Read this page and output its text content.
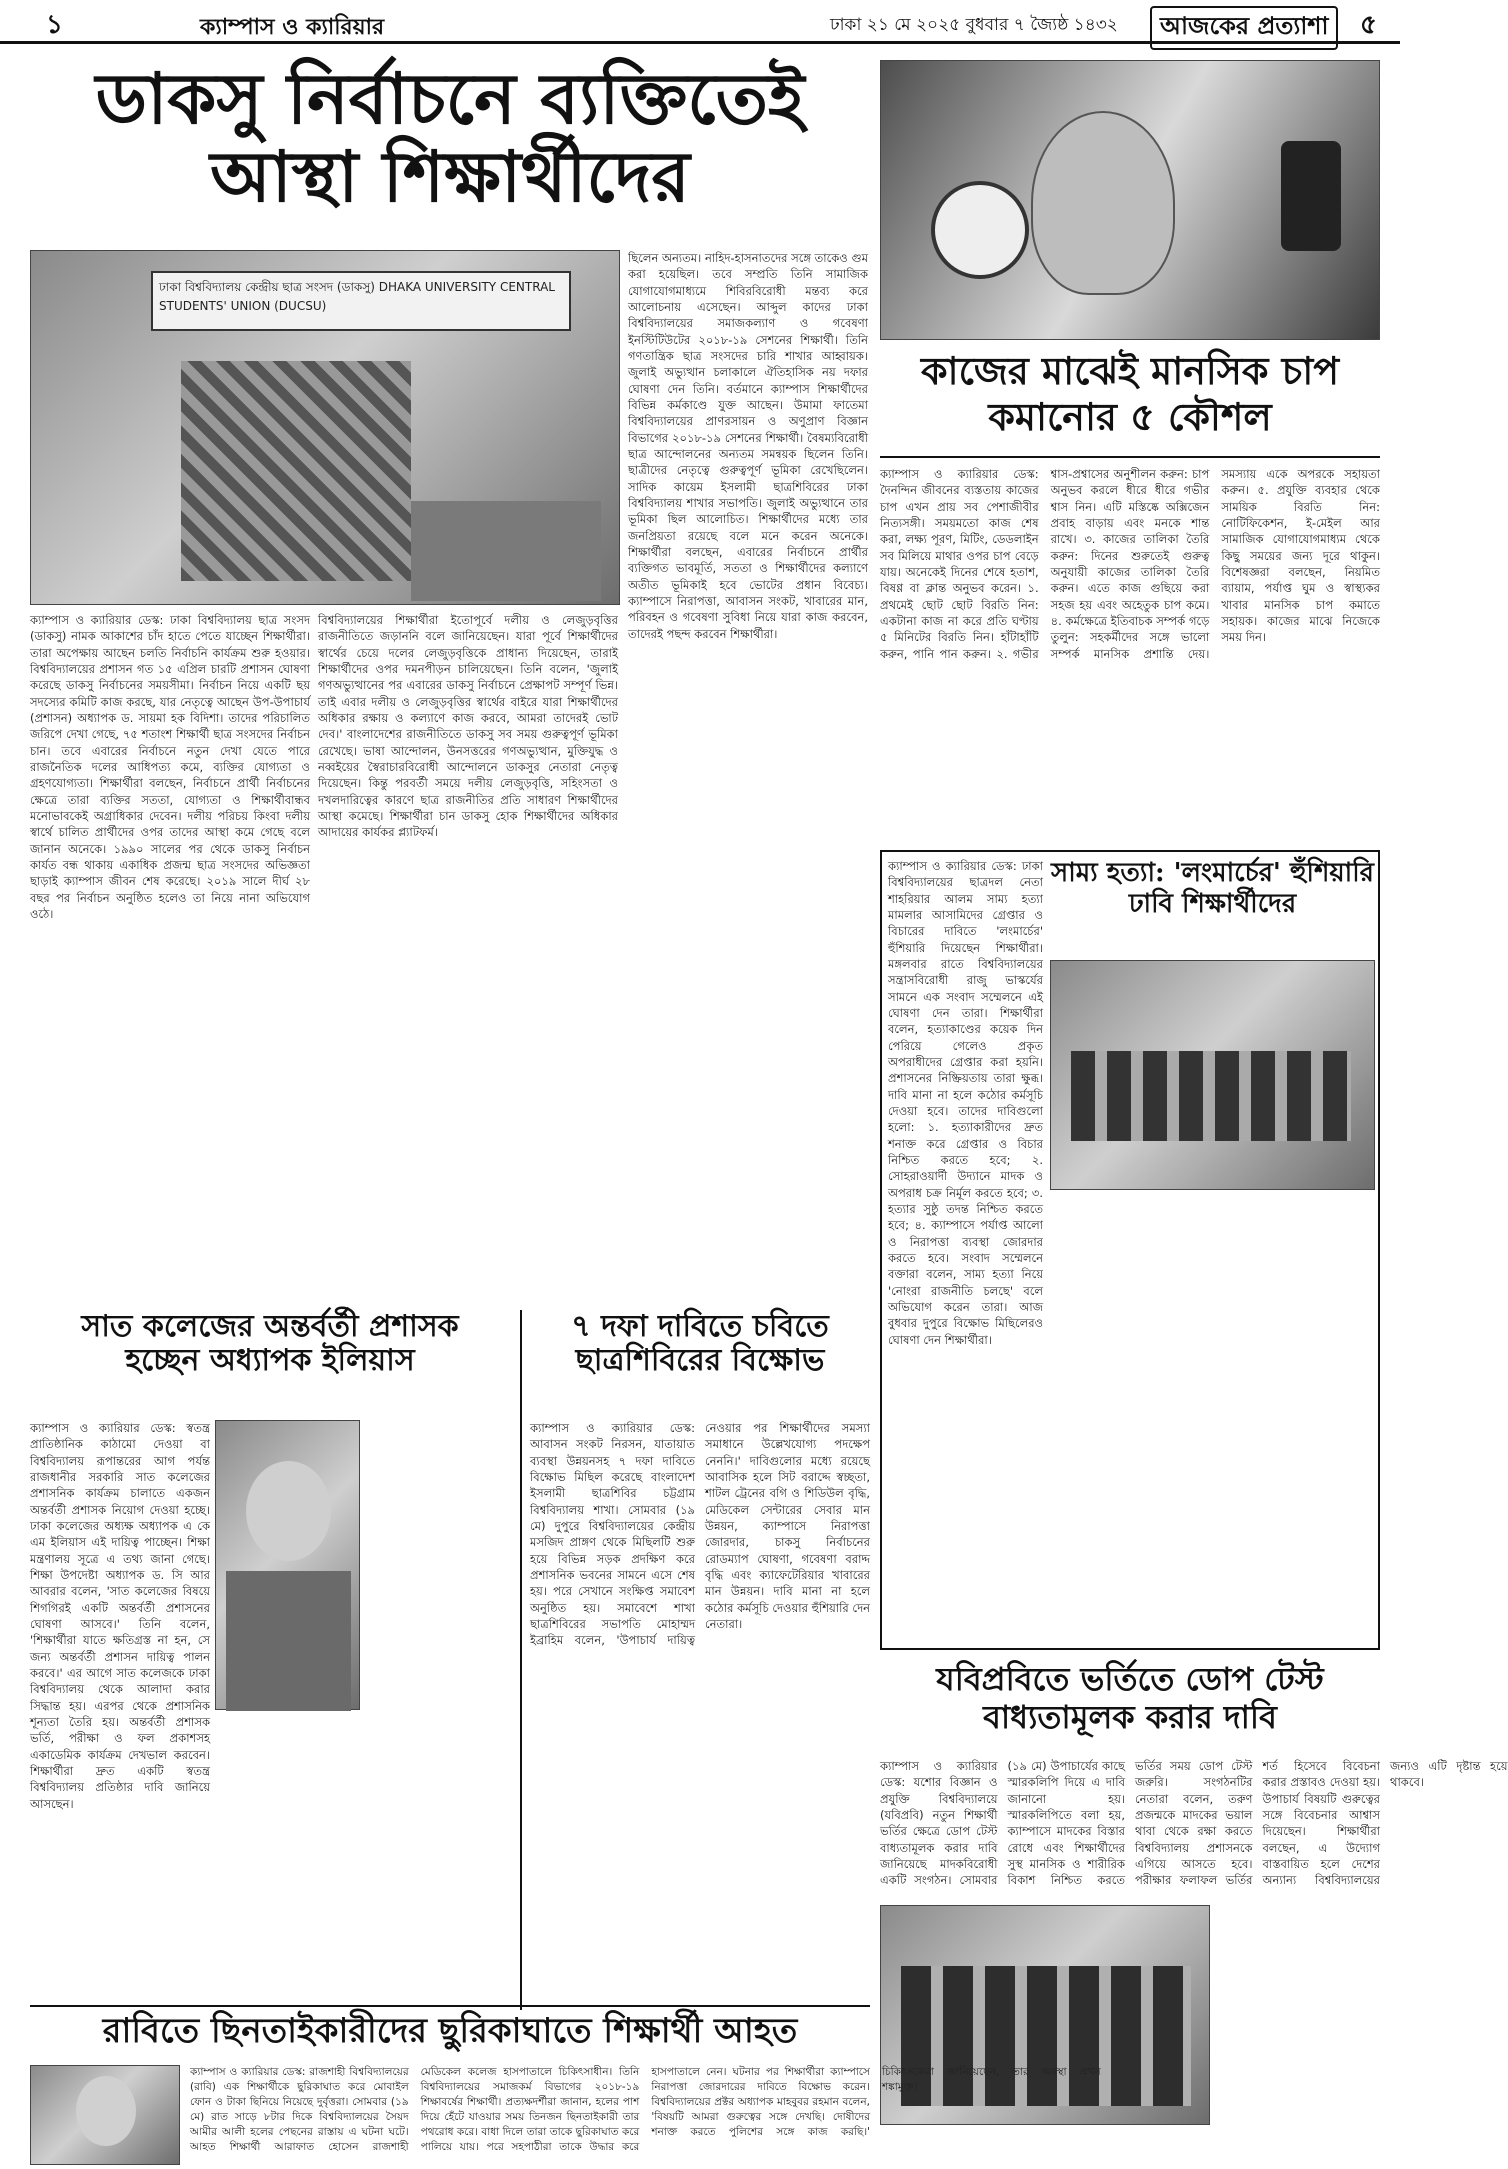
১	ক্যাম্পাস ও ক্যারিয়ার	ঢাকা ২১ মে ২০২৫ বুধবার ৭ জ্যৈষ্ঠ ১৪৩২	আজকের প্রত্যাশা	৫
ডাকসু নির্বাচনে ব্যক্তিতেই
আস্থা শিক্ষার্থীদের
ঢাকা বিশ্ববিদ্যালয় কেন্দ্রীয় ছাত্র সংসদ (ডাকসু) DHAKA UNIVERSITY CENTRAL STUDENTS' UNION (DUCSU)
ক্যাম্পাস ও ক্যারিয়ার ডেস্ক: ঢাকা বিশ্ববিদ্যালয় ছাত্র সংসদ (ডাকসু) নামক আকাশের চাঁদ হাতে পেতে যাচ্ছেন শিক্ষার্থীরা। তারা অপেক্ষায় আছেন চলতি নির্বাচনি কার্যক্রম শুরু হওয়ার। বিশ্ববিদ্যালয়ের প্রশাসন গত ১৫ এপ্রিল চারটি প্রশাসন ঘোষণা করেছে ডাকসু নির্বাচনের সময়সীমা। নির্বাচন নিয়ে একটি ছয় সদস্যের কমিটি কাজ করছে, যার নেতৃত্বে আছেন উপ-উপাচার্য (প্রশাসন) অধ্যাপক ড. সায়মা হক বিদিশা। তাদের পরিচালিত জরিপে দেখা গেছে, ৭৫ শতাংশ শিক্ষার্থী ছাত্র সংসদের নির্বাচন চান। তবে এবারের নির্বাচনে নতুন দেখা যেতে পারে রাজনৈতিক দলের আধিপত্য কমে, ব্যক্তির যোগ্যতা ও গ্রহণযোগ্যতা। শিক্ষার্থীরা বলছেন, নির্বাচনে প্রার্থী নির্বাচনের ক্ষেত্রে তারা ব্যক্তির সততা, যোগ্যতা ও শিক্ষার্থীবান্ধব মনোভাবকেই অগ্রাধিকার দেবেন। দলীয় পরিচয় কিংবা দলীয় স্বার্থে চালিত প্রার্থীদের ওপর তাদের আস্থা কমে গেছে বলে জানান অনেকে। ১৯৯০ সালের পর থেকে ডাকসু নির্বাচন কার্যত বন্ধ থাকায় একাধিক প্রজন্ম ছাত্র সংসদের অভিজ্ঞতা ছাড়াই ক্যাম্পাস জীবন শেষ করেছে। ২০১৯ সালে দীর্ঘ ২৮ বছর পর নির্বাচন অনুষ্ঠিত হলেও তা নিয়ে নানা অভিযোগ ওঠে।
বিশ্ববিদ্যালয়ের শিক্ষার্থীরা ইতোপূর্বে দলীয় ও লেজুড়বৃত্তির রাজনীতিতে জড়াননি বলে জানিয়েছেন। যারা পূর্বে শিক্ষার্থীদের স্বার্থের চেয়ে দলের লেজুড়বৃত্তিকে প্রাধান্য দিয়েছেন, তারাই শিক্ষার্থীদের ওপর দমনপীড়ন চালিয়েছেন। তিনি বলেন, 'জুলাই গণঅভ্যুত্থানের পর এবারের ডাকসু নির্বাচনে প্রেক্ষাপট সম্পূর্ণ ভিন্ন। তাই এবার দলীয় ও লেজুড়বৃত্তির স্বার্থের বাইরে যারা শিক্ষার্থীদের অধিকার রক্ষায় ও কল্যাণে কাজ করবে, আমরা তাদেরই ভোট দেব।' বাংলাদেশের রাজনীতিতে ডাকসু সব সময় গুরুত্বপূর্ণ ভূমিকা রেখেছে। ভাষা আন্দোলন, উনসত্তরের গণঅভ্যুত্থান, মুক্তিযুদ্ধ ও নব্বইয়ের স্বৈরাচারবিরোধী আন্দোলনে ডাকসুর নেতারা নেতৃত্ব দিয়েছেন। কিন্তু পরবর্তী সময়ে দলীয় লেজুড়বৃত্তি, সহিংসতা ও দখলদারিত্বের কারণে ছাত্র রাজনীতির প্রতি সাধারণ শিক্ষার্থীদের আস্থা কমেছে। শিক্ষার্থীরা চান ডাকসু হোক শিক্ষার্থীদের অধিকার আদায়ের কার্যকর প্ল্যাটফর্ম।
ছিলেন অন্যতম। নাহিদ-হাসনাতদের সঙ্গে তাকেও গুম করা হয়েছিল। তবে সম্প্রতি তিনি সামাজিক যোগাযোগমাধ্যমে শিবিরবিরোধী মন্তব্য করে আলোচনায় এসেছেন। আব্দুল কাদের ঢাকা বিশ্ববিদ্যালয়ের সমাজকল্যাণ ও গবেষণা ইনস্টিটিউটের ২০১৮-১৯ সেশনের শিক্ষার্থী। তিনি গণতান্ত্রিক ছাত্র সংসদের চারি শাখার আহ্বায়ক। জুলাই অভ্যুত্থান চলাকালে ঐতিহাসিক নয় দফার ঘোষণা দেন তিনি। বর্তমানে ক্যাম্পাস শিক্ষার্থীদের বিভিন্ন কর্মকাণ্ডে যুক্ত আছেন। উমামা ফাতেমা বিশ্ববিদ্যালয়ের প্রাণরসায়ন ও অণুপ্রাণ বিজ্ঞান বিভাগের ২০১৮-১৯ সেশনের শিক্ষার্থী। বৈষম্যবিরোধী ছাত্র আন্দোলনের অন্যতম সমন্বয়ক ছিলেন তিনি। ছাত্রীদের নেতৃত্বে গুরুত্বপূর্ণ ভূমিকা রেখেছিলেন। সাদিক কায়েম ইসলামী ছাত্রশিবিরের ঢাকা বিশ্ববিদ্যালয় শাখার সভাপতি। জুলাই অভ্যুত্থানে তার ভূমিকা ছিল আলোচিত। শিক্ষার্থীদের মধ্যে তার জনপ্রিয়তা রয়েছে বলে মনে করেন অনেকে। শিক্ষার্থীরা বলছেন, এবারের নির্বাচনে প্রার্থীর ব্যক্তিগত ভাবমূর্তি, সততা ও শিক্ষার্থীদের কল্যাণে অতীত ভূমিকাই হবে ভোটের প্রধান বিবেচ্য। ক্যাম্পাসে নিরাপত্তা, আবাসন সংকট, খাবারের মান, পরিবহন ও গবেষণা সুবিধা নিয়ে যারা কাজ করবেন, তাদেরই পছন্দ করবেন শিক্ষার্থীরা।
কাজের মাঝেই মানসিক চাপ
কমানোর ৫ কৌশল
ক্যাম্পাস ও ক্যারিয়ার ডেস্ক: দৈনন্দিন জীবনের ব্যস্ততায় কাজের চাপ এখন প্রায় সব পেশাজীবীর নিত্যসঙ্গী। সময়মতো কাজ শেষ করা, লক্ষ্য পূরণ, মিটিং, ডেডলাইন সব মিলিয়ে মাথার ওপর চাপ বেড়ে যায়। অনেকেই দিনের শেষে হতাশ, বিষণ্ণ বা ক্লান্ত অনুভব করেন। ১. প্রথমেই ছোট ছোট বিরতি নিন: একটানা কাজ না করে প্রতি ঘণ্টায় ৫ মিনিটের বিরতি নিন। হাঁটাহাঁটি করুন, পানি পান করুন। ২. গভীর শ্বাস-প্রশ্বাসের অনুশীলন করুন: চাপ অনুভব করলে ধীরে ধীরে গভীর শ্বাস নিন। এটি মস্তিষ্কে অক্সিজেন প্রবাহ বাড়ায় এবং মনকে শান্ত রাখে। ৩. কাজের তালিকা তৈরি করুন: দিনের শুরুতেই গুরুত্ব অনুযায়ী কাজের তালিকা তৈরি করুন। এতে কাজ গুছিয়ে করা সহজ হয় এবং অহেতুক চাপ কমে। ৪. কর্মক্ষেত্রে ইতিবাচক সম্পর্ক গড়ে তুলুন: সহকর্মীদের সঙ্গে ভালো সম্পর্ক মানসিক প্রশান্তি দেয়। সমস্যায় একে অপরকে সহায়তা করুন। ৫. প্রযুক্তি ব্যবহার থেকে সাময়িক বিরতি নিন: নোটিফিকেশন, ই-মেইল আর সামাজিক যোগাযোগমাধ্যম থেকে কিছু সময়ের জন্য দূরে থাকুন। বিশেষজ্ঞরা বলছেন, নিয়মিত ব্যায়াম, পর্যাপ্ত ঘুম ও স্বাস্থ্যকর খাবার মানসিক চাপ কমাতে সহায়ক। কাজের মাঝে নিজেকে সময় দিন।
সাম্য হত্যা: 'লংমার্চের' হুঁশিয়ারি
ঢাবি শিক্ষার্থীদের
ক্যাম্পাস ও ক্যারিয়ার ডেস্ক: ঢাকা বিশ্ববিদ্যালয়ের ছাত্রদল নেতা শাহরিয়ার আলম সাম্য হত্যা মামলার আসামিদের গ্রেপ্তার ও বিচারের দাবিতে 'লংমার্চের' হুঁশিয়ারি দিয়েছেন শিক্ষার্থীরা। মঙ্গলবার রাতে বিশ্ববিদ্যালয়ের সন্ত্রাসবিরোধী রাজু ভাস্কর্যের সামনে এক সংবাদ সম্মেলনে এই ঘোষণা দেন তারা। শিক্ষার্থীরা বলেন, হত্যাকাণ্ডের কয়েক দিন পেরিয়ে গেলেও প্রকৃত অপরাধীদের গ্রেপ্তার করা হয়নি। প্রশাসনের নিষ্ক্রিয়তায় তারা ক্ষুব্ধ। দাবি মানা না হলে কঠোর কর্মসূচি দেওয়া হবে। তাদের দাবিগুলো হলো: ১. হত্যাকারীদের দ্রুত শনাক্ত করে গ্রেপ্তার ও বিচার নিশ্চিত করতে হবে; ২. সোহরাওয়ার্দী উদ্যানে মাদক ও অপরাধ চক্র নির্মূল করতে হবে; ৩. হত্যার সুষ্ঠু তদন্ত নিশ্চিত করতে হবে; ৪. ক্যাম্পাসে পর্যাপ্ত আলো ও নিরাপত্তা ব্যবস্থা জোরদার করতে হবে। সংবাদ সম্মেলনে বক্তারা বলেন, সাম্য হত্যা নিয়ে 'নোংরা রাজনীতি চলছে' বলে অভিযোগ করেন তারা। আজ বুধবার দুপুরে বিক্ষোভ মিছিলেরও ঘোষণা দেন শিক্ষার্থীরা।
যবিপ্রবিতে ভর্তিতে ডোপ টেস্ট
বাধ্যতামূলক করার দাবি
ক্যাম্পাস ও ক্যারিয়ার ডেস্ক: যশোর বিজ্ঞান ও প্রযুক্তি বিশ্ববিদ্যালয়ে (যবিপ্রবি) নতুন শিক্ষার্থী ভর্তির ক্ষেত্রে ডোপ টেস্ট বাধ্যতামূলক করার দাবি জানিয়েছে মাদকবিরোধী একটি সংগঠন। সোমবার (১৯ মে) উপাচার্যের কাছে স্মারকলিপি দিয়ে এ দাবি জানানো হয়। স্মারকলিপিতে বলা হয়, ক্যাম্পাসে মাদকের বিস্তার রোধে এবং শিক্ষার্থীদের সুস্থ মানসিক ও শারীরিক বিকাশ নিশ্চিত করতে ভর্তির সময় ডোপ টেস্ট জরুরি। সংগঠনটির নেতারা বলেন, তরুণ প্রজন্মকে মাদকের ভয়াল থাবা থেকে রক্ষা করতে বিশ্ববিদ্যালয় প্রশাসনকে এগিয়ে আসতে হবে। পরীক্ষার ফলাফল ভর্তির শর্ত হিসেবে বিবেচনা করার প্রস্তাবও দেওয়া হয়। উপাচার্য বিষয়টি গুরুত্বের সঙ্গে বিবেচনার আশ্বাস দিয়েছেন। শিক্ষার্থীরা বলছেন, এ উদ্যোগ বাস্তবায়িত হলে দেশের অন্যান্য বিশ্ববিদ্যালয়ের জন্যও এটি দৃষ্টান্ত হয়ে থাকবে।
সাত কলেজের অন্তর্বর্তী প্রশাসক
হচ্ছেন অধ্যাপক ইলিয়াস
ক্যাম্পাস ও ক্যারিয়ার ডেস্ক: স্বতন্ত্র প্রাতিষ্ঠানিক কাঠামো দেওয়া বা বিশ্ববিদ্যালয় রূপান্তরের আগ পর্যন্ত রাজধানীর সরকারি সাত কলেজের প্রশাসনিক কার্যক্রম চালাতে একজন অন্তর্বর্তী প্রশাসক নিয়োগ দেওয়া হচ্ছে। ঢাকা কলেজের অধ্যক্ষ অধ্যাপক এ কে এম ইলিয়াস এই দায়িত্ব পাচ্ছেন। শিক্ষা মন্ত্রণালয় সূত্রে এ তথ্য জানা গেছে। শিক্ষা উপদেষ্টা অধ্যাপক ড. সি আর আবরার বলেন, 'সাত কলেজের বিষয়ে শিগগিরই একটি অন্তর্বর্তী প্রশাসনের ঘোষণা আসবে।' তিনি বলেন, 'শিক্ষার্থীরা যাতে ক্ষতিগ্রস্ত না হন, সে জন্য অন্তর্বর্তী প্রশাসন দায়িত্ব পালন করবে।' এর আগে সাত কলেজকে ঢাকা বিশ্ববিদ্যালয় থেকে আলাদা করার সিদ্ধান্ত হয়। এরপর থেকে প্রশাসনিক শূন্যতা তৈরি হয়। অন্তর্বর্তী প্রশাসক ভর্তি, পরীক্ষা ও ফল প্রকাশসহ একাডেমিক কার্যক্রম দেখভাল করবেন। শিক্ষার্থীরা দ্রুত একটি স্বতন্ত্র বিশ্ববিদ্যালয় প্রতিষ্ঠার দাবি জানিয়ে আসছেন।
৭ দফা দাবিতে চবিতে
ছাত্রশিবিরের বিক্ষোভ
ক্যাম্পাস ও ক্যারিয়ার ডেস্ক: আবাসন সংকট নিরসন, যাতায়াত ব্যবস্থা উন্নয়নসহ ৭ দফা দাবিতে বিক্ষোভ মিছিল করেছে বাংলাদেশ ইসলামী ছাত্রশিবির চট্টগ্রাম বিশ্ববিদ্যালয় শাখা। সোমবার (১৯ মে) দুপুরে বিশ্ববিদ্যালয়ের কেন্দ্রীয় মসজিদ প্রাঙ্গণ থেকে মিছিলটি শুরু হয়ে বিভিন্ন সড়ক প্রদক্ষিণ করে প্রশাসনিক ভবনের সামনে এসে শেষ হয়। পরে সেখানে সংক্ষিপ্ত সমাবেশ অনুষ্ঠিত হয়। সমাবেশে শাখা ছাত্রশিবিরের সভাপতি মোহাম্মদ ইব্রাহিম বলেন, 'উপাচার্য দায়িত্ব নেওয়ার পর শিক্ষার্থীদের সমস্যা সমাধানে উল্লেখযোগ্য পদক্ষেপ নেননি।' দাবিগুলোর মধ্যে রয়েছে আবাসিক হলে সিট বরাদ্দে স্বচ্ছতা, শাটল ট্রেনের বগি ও শিডিউল বৃদ্ধি, মেডিকেল সেন্টারের সেবার মান উন্নয়ন, ক্যাম্পাসে নিরাপত্তা জোরদার, চাকসু নির্বাচনের রোডম্যাপ ঘোষণা, গবেষণা বরাদ্দ বৃদ্ধি এবং ক্যাফেটেরিয়ার খাবারের মান উন্নয়ন। দাবি মানা না হলে কঠোর কর্মসূচি দেওয়ার হুঁশিয়ারি দেন নেতারা।
রাবিতে ছিনতাইকারীদের ছুরিকাঘাতে শিক্ষার্থী আহত
ক্যাম্পাস ও ক্যারিয়ার ডেস্ক: রাজশাহী বিশ্ববিদ্যালয়ের (রাবি) এক শিক্ষার্থীকে ছুরিকাঘাত করে মোবাইল ফোন ও টাকা ছিনিয়ে নিয়েছে দুর্বৃত্তরা। সোমবার (১৯ মে) রাত সাড়ে ৮টার দিকে বিশ্ববিদ্যালয়ের সৈয়দ আমীর আলী হলের পেছনের রাস্তায় এ ঘটনা ঘটে। আহত শিক্ষার্থী আরাফাত হোসেন রাজশাহী মেডিকেল কলেজ হাসপাতালে চিকিৎসাধীন। তিনি বিশ্ববিদ্যালয়ের সমাজকর্ম বিভাগের ২০১৮-১৯ শিক্ষাবর্ষের শিক্ষার্থী। প্রত্যক্ষদর্শীরা জানান, হলের পাশ দিয়ে হেঁটে যাওয়ার সময় তিনজন ছিনতাইকারী তার পথরোধ করে। বাধা দিলে তারা তাকে ছুরিকাঘাত করে পালিয়ে যায়। পরে সহপাঠীরা তাকে উদ্ধার করে হাসপাতালে নেন। ঘটনার পর শিক্ষার্থীরা ক্যাম্পাসে নিরাপত্তা জোরদারের দাবিতে বিক্ষোভ করেন। বিশ্ববিদ্যালয়ের প্রক্টর অধ্যাপক মাহবুবর রহমান বলেন, 'বিষয়টি আমরা গুরুত্বের সঙ্গে দেখছি। দোষীদের শনাক্ত করতে পুলিশের সঙ্গে কাজ করছি।'
